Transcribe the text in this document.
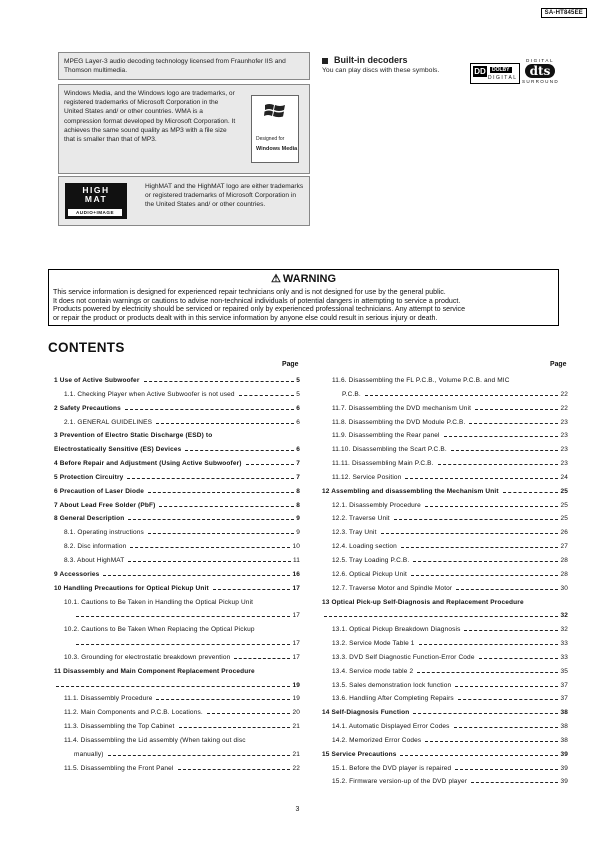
SA-HT845EE
MPEG Layer-3 audio decoding technology licensed from Fraunhofer IIS and Thomson multimedia.
Windows Media, and the Windows logo are trademarks, or registered trademarks of Microsoft Corporation in the United States and/ or other countries. WMA is a compression format developed by Microsoft Corporation. It achieves the same sound quality as MP3 with a file size that is smaller than that of MP3.	Designed for
Windows Media
HIGH
MAT
AUDIO+IMAGE
HighMAT and the HighMAT logo are either trademarks or registered trademarks of Microsoft Corporation in the United States and/ or other countries.
Built-in decoders
You can play discs with these symbols.	DD	DOLBY
DIGITAL
DIGITAL
dts
SURROUND
⚠ WARNING
This service information is designed for experienced repair technicians only and is not designed for use by the general public.
It does not contain warnings or cautions to advise non-technical individuals of potential dangers in attempting to service a product.
Products powered by electricity should be serviced or repaired only by experienced professional technicians. Any attempt to service
or repair the product or products dealt with in this service information by anyone else could result in serious injury or death.
CONTENTS
Page	Page
1 Use of Active Subwoofer	5
1.1. Checking Player when Active Subwoofer is not used	5
2 Safety Precautions	6
2.1. GENERAL GUIDELINES	6
3 Prevention of Electro Static Discharge (ESD) to
Electrostatically Sensitive (ES) Devices	6
4 Before Repair and Adjustment (Using Active Subwoofer)	7
5 Protection Circuitry	7
6 Precaution of Laser Diode	8
7 About Lead Free Solder (PbF)	8
8 General Description	9
8.1. Operating instructions	9
8.2. Disc information	10
8.3. About HighMAT	11
9 Accessories	16
10 Handling Precautions for Optical Pickup Unit	17
10.1. Cautions to Be Taken in Handling the Optical Pickup Unit
17
10.2. Cautions to Be Taken When Replacing the Optical Pickup
17
10.3. Grounding for electrostatic breakdown prevention	17
11 Disassembly and Main Component Replacement Procedure
19
11.1. Disassembly Procedure	19
11.2. Main Components and P.C.B. Locations.	20
11.3. Disassembling the Top Cabinet	21
11.4. Disassembling the Lid assembly (When taking out disc
manually)	21
11.5. Disassembling the Front Panel	22
11.6. Disassembling the FL P.C.B., Volume P.C.B. and MIC
P.C.B.	22
11.7. Disassembling the DVD mechanism Unit	22
11.8. Disassembling the DVD Module P.C.B.	23
11.9. Disassembling the Rear panel	23
11.10. Disassembling the Scart P.C.B.	23
11.11. Disassembling Main P.C.B.	23
11.12. Service Position	24
12 Assembling and disassembling the Mechanism Unit	25
12.1. Disassembly Procedure	25
12.2. Traverse Unit	25
12.3. Tray Unit	26
12.4. Loading section	27
12.5. Tray Loading P.C.B.	28
12.6. Optical Pickup Unit	28
12.7. Traverse Motor and Spindle Motor	30
13 Optical Pick-up Self-Diagnosis and Replacement Procedure
32
13.1. Optical Pickup Breakdown Diagnosis	32
13.2. Service Mode Table 1	33
13.3. DVD Self Diagnostic Function-Error Code	33
13.4. Service mode table 2	35
13.5. Sales demonstration lock function	37
13.6. Handling After Completing Repairs	37
14 Self-Diagnosis Function	38
14.1. Automatic Displayed Error Codes	38
14.2. Memorized Error Codes	38
15 Service Precautions	39
15.1. Before the DVD player is repaired	39
15.2. Firmware version-up of the DVD player	39
3
